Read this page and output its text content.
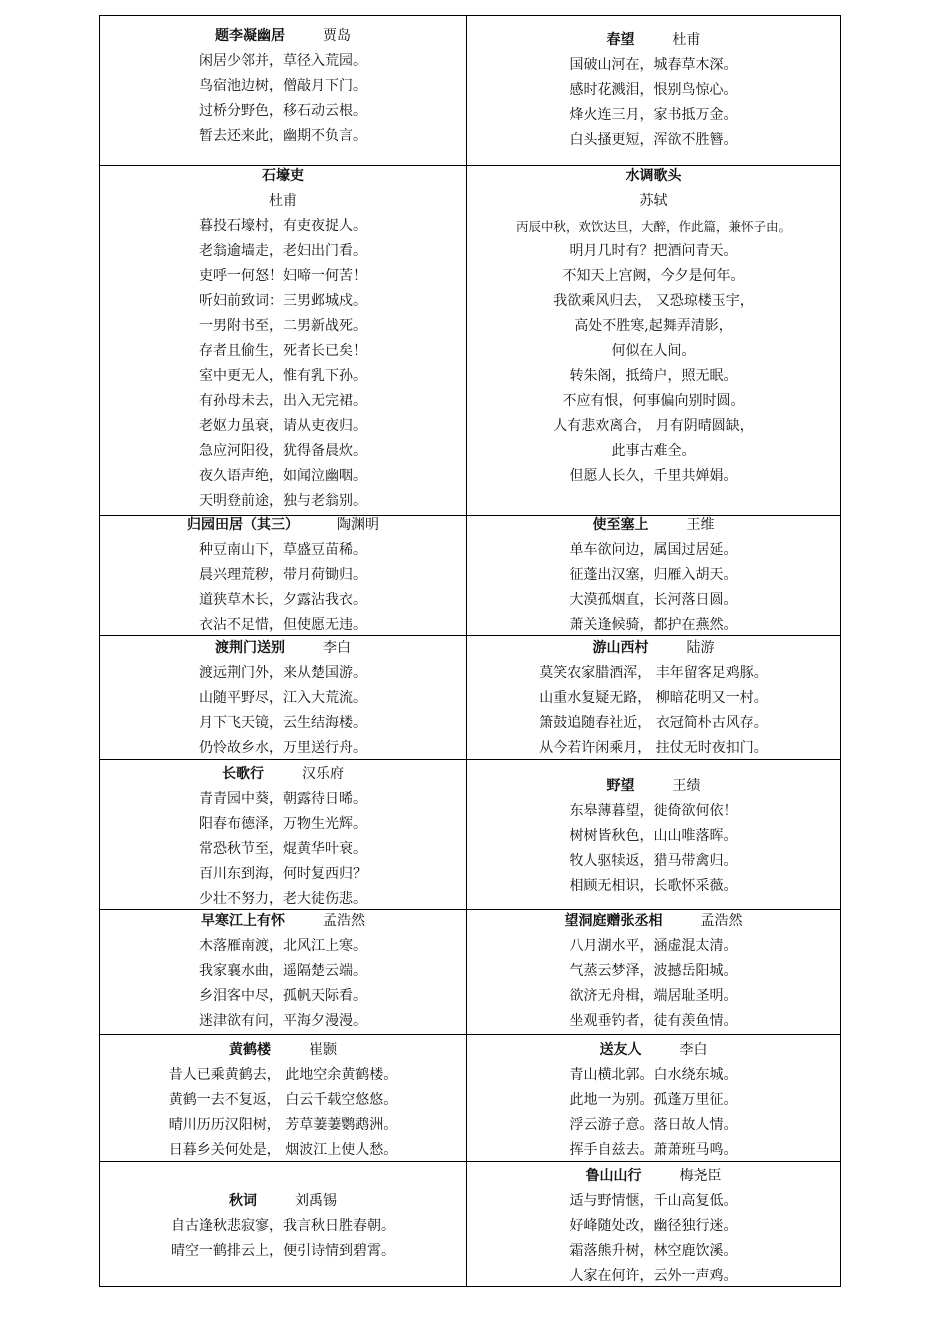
题李凝幽居	贾岛
闲居少邻并，草径入荒园。
鸟宿池边树，僧敲月下门。
过桥分野色，移石动云根。
暂去还来此，幽期不负言。
春望	杜甫
国破山河在，城春草木深。
感时花溅泪，恨别鸟惊心。
烽火连三月，家书抵万金。
白头搔更短，浑欲不胜簪。
石壕吏
杜甫
暮投石壕村，有吏夜捉人。
老翁逾墙走，老妇出门看。
吏呼一何怒！妇啼一何苦！
听妇前致词：三男邺城戍。
一男附书至，二男新战死。
存者且偷生，死者长已矣！
室中更无人，惟有乳下孙。
有孙母未去，出入无完裙。
老妪力虽衰，请从吏夜归。
急应河阳役，犹得备晨炊。
夜久语声绝，如闻泣幽咽。
天明登前途，独与老翁别。
水调歌头
苏轼
丙辰中秋，欢饮达旦，大醉，作此篇，兼怀子由。
明月几时有？把酒问青天。
不知天上宫阙，今夕是何年。
我欲乘风归去， 又恐琼楼玉宇，
高处不胜寒,起舞弄清影，
何似在人间。
转朱阁，抵绮户，照无眠。
不应有恨，何事偏向别时圆。
人有悲欢离合， 月有阴晴圆缺，
此事古难全。
但愿人长久，千里共婵娟。
归园田居（其三）	陶渊明
种豆南山下，草盛豆苗稀。
晨兴理荒秽，带月荷锄归。
道狭草木长，夕露沾我衣。
衣沾不足惜，但使愿无违。
使至塞上	王维
单车欲问边，属国过居延。
征蓬出汉塞，归雁入胡天。
大漠孤烟直，长河落日圆。
萧关逢候骑，都护在燕然。
渡荆门送别	李白
渡远荆门外，来从楚国游。
山随平野尽，江入大荒流。
月下飞天镜，云生结海楼。
仍怜故乡水，万里送行舟。
游山西村	陆游
莫笑农家腊酒浑， 丰年留客足鸡豚。
山重水复疑无路， 柳暗花明又一村。
箫鼓追随春社近， 衣冠简朴古风存。
从今若许闲乘月， 拄仗无时夜扣门。
长歌行	汉乐府
青青园中葵，朝露待日晞。
阳春布德泽，万物生光辉。
常恐秋节至，焜黄华叶衰。
百川东到海，何时复西归？
少壮不努力，老大徒伤悲。
野望	王绩
东皋薄暮望，徙倚欲何依！
树树皆秋色，山山唯落晖。
牧人驱犊返，猎马带禽归。
相顾无相识，长歌怀采薇。
早寒江上有怀	孟浩然
木落雁南渡，北风江上寒。
我家襄水曲，遥隔楚云端。
乡泪客中尽，孤帆天际看。
迷津欲有问，平海夕漫漫。
望洞庭赠张丞相	孟浩然
八月湖水平，涵虚混太清。
气蒸云梦泽，波撼岳阳城。
欲济无舟楫，端居耻圣明。
坐观垂钓者，徒有羡鱼情。
黄鹤楼	崔颢
昔人已乘黄鹤去， 此地空余黄鹤楼。
黄鹤一去不复返， 白云千载空悠悠。
晴川历历汉阳树， 芳草萋萋鹦鹉洲。
日暮乡关何处是， 烟波江上使人愁。
送友人	李白
青山横北郭。白水绕东城。
此地一为别。孤蓬万里征。
浮云游子意。落日故人情。
挥手自兹去。萧萧班马鸣。
秋词	刘禹锡
自古逢秋悲寂寥，我言秋日胜春朝。
晴空一鹤排云上，便引诗情到碧霄。
鲁山山行	梅尧臣
适与野情惬，千山高复低。
好峰随处改，幽径独行迷。
霜落熊升树，林空鹿饮溪。
人家在何许，云外一声鸡。
